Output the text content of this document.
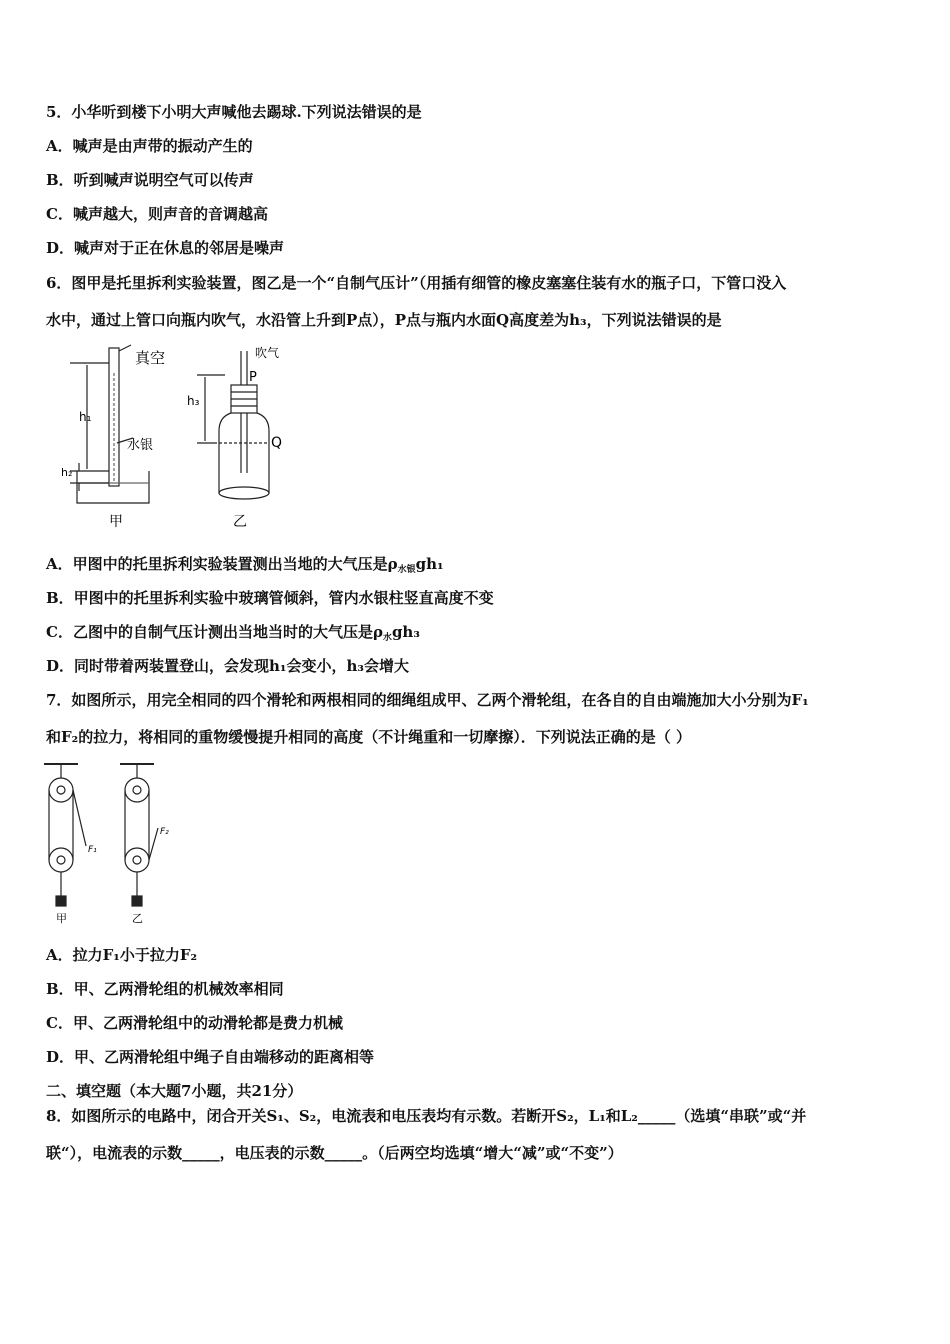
5．小华听到楼下小明大声喊他去踢球.下列说法错误的是
A．喊声是由声带的振动产生的
B．听到喊声说明空气可以传声
C．喊声越大，则声音的音调越高
D．喊声对于正在休息的邻居是噪声
6．图甲是托里拆利实验装置，图乙是一个“自制气压计”（用插有细管的橡皮塞塞住装有水的瓶子口，下管口没入
水中，通过上管口向瓶内吹气，水沿管上升到P点），P点与瓶内水面Q高度差为h₃，下列说法错误的是
真空
h₁
水银
h₂
甲
吹气
P
h₃
Q
乙
A．甲图中的托里拆利实验装置测出当地的大气压是$\rho_{水银}gh_1$
B．甲图中的托里拆利实验中玻璃管倾斜，管内水银柱竖直高度不变
C．乙图中的自制气压计测出当地当时的大气压是$\rho_水gh_3$
D．同时带着两装置登山，会发现h₁会变小，h₃会增大
7．如图所示，用完全相同的四个滑轮和两根相同的细绳组成甲、乙两个滑轮组，在各自的自由端施加大小分别为F₁
和F₂的拉力，将相同的重物缓慢提升相同的高度（不计绳重和一切摩擦）．下列说法正确的是（ ）
F₁
F₂
甲	乙
A．拉力F₁小于拉力F₂
B．甲、乙两滑轮组的机械效率相同
C．甲、乙两滑轮组中的动滑轮都是费力机械
D．甲、乙两滑轮组中绳子自由端移动的距离相等
二、填空题（本大题7小题，共21分）
8．如图所示的电路中，闭合开关S₁、S₂，电流表和电压表均有示数。若断开S₂，L₁和L₂_____（选填“串联”或“并
联“），电流表的示数_____，电压表的示数_____。（后两空均选填“增大“减”或“不变”）
